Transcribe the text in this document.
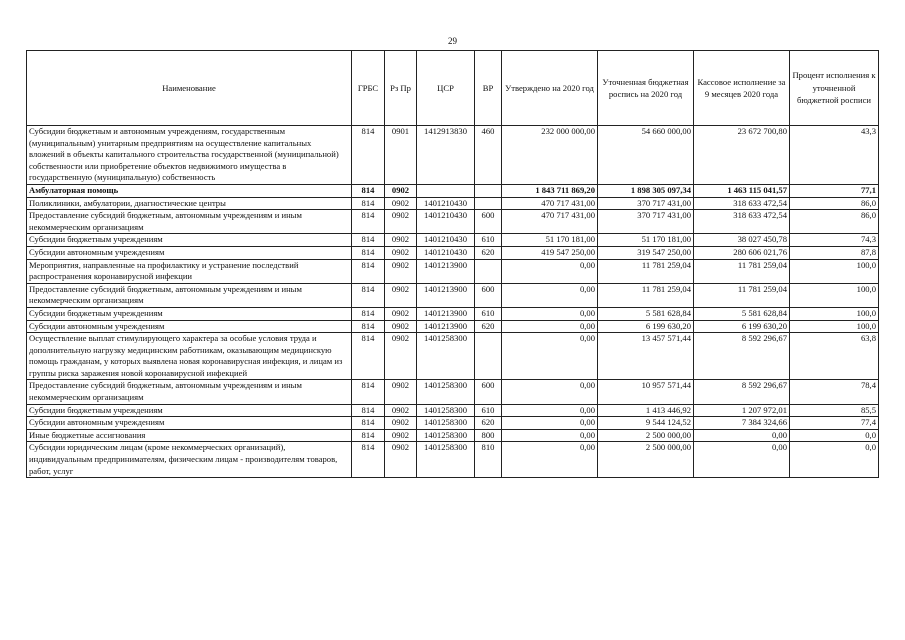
29
Наименование	ГРБС	Рз Пр	ЦСР	ВР	Утверждено на 2020 год	Уточненная бюджетная роспись на 2020 год	Кассовое исполнение за 9 месяцев 2020 года	Процент исполнения к уточненной бюджетной росписи
Субсидии бюджетным и автономным учреждениям, государственным (муниципальным) унитарным предприятиям на осуществление капитальных вложений в объекты капитального строительства государственной (муниципальной) собственности или приобретение объектов недвижимого имущества в государственную (муниципальную) собственность	814	0901	1412913830	460	232 000 000,00	54 660 000,00	23 672 700,80	43,3
Амбулаторная помощь	814	0902			1 843 711 869,20	1 898 305 097,34	1 463 115 041,57	77,1
Поликлиники, амбулатории, диагностические центры	814	0902	1401210430		470 717 431,00	370 717 431,00	318 633 472,54	86,0
Предоставление субсидий бюджетным, автономным учреждениям и иным некоммерческим организациям	814	0902	1401210430	600	470 717 431,00	370 717 431,00	318 633 472,54	86,0
Субсидии бюджетным учреждениям	814	0902	1401210430	610	51 170 181,00	51 170 181,00	38 027 450,78	74,3
Субсидии автономным учреждениям	814	0902	1401210430	620	419 547 250,00	319 547 250,00	280 606 021,76	87,8
Мероприятия, направленные на профилактику и устранение последствий распространения коронавирусной инфекции	814	0902	1401213900		0,00	11 781 259,04	11 781 259,04	100,0
Предоставление субсидий бюджетным, автономным учреждениям и иным некоммерческим организациям	814	0902	1401213900	600	0,00	11 781 259,04	11 781 259,04	100,0
Субсидии бюджетным учреждениям	814	0902	1401213900	610	0,00	5 581 628,84	5 581 628,84	100,0
Субсидии автономным учреждениям	814	0902	1401213900	620	0,00	6 199 630,20	6 199 630,20	100,0
Осуществление выплат стимулирующего характера за особые условия труда и дополнительную нагрузку медицинским работникам, оказывающим медицинскую помощь гражданам, у которых выявлена новая коронавирусная инфекция, и лицам из группы риска заражения новой коронавирусной инфекцией	814	0902	1401258300		0,00	13 457 571,44	8 592 296,67	63,8
Предоставление субсидий бюджетным, автономным учреждениям и иным некоммерческим организациям	814	0902	1401258300	600	0,00	10 957 571,44	8 592 296,67	78,4
Субсидии бюджетным учреждениям	814	0902	1401258300	610	0,00	1 413 446,92	1 207 972,01	85,5
Субсидии автономным учреждениям	814	0902	1401258300	620	0,00	9 544 124,52	7 384 324,66	77,4
Иные бюджетные ассигнования	814	0902	1401258300	800	0,00	2 500 000,00	0,00	0,0
Субсидии юридическим лицам (кроме некоммерческих организаций), индивидуальным предпринимателям, физическим лицам - производителям товаров, работ, услуг	814	0902	1401258300	810	0,00	2 500 000,00	0,00	0,0
